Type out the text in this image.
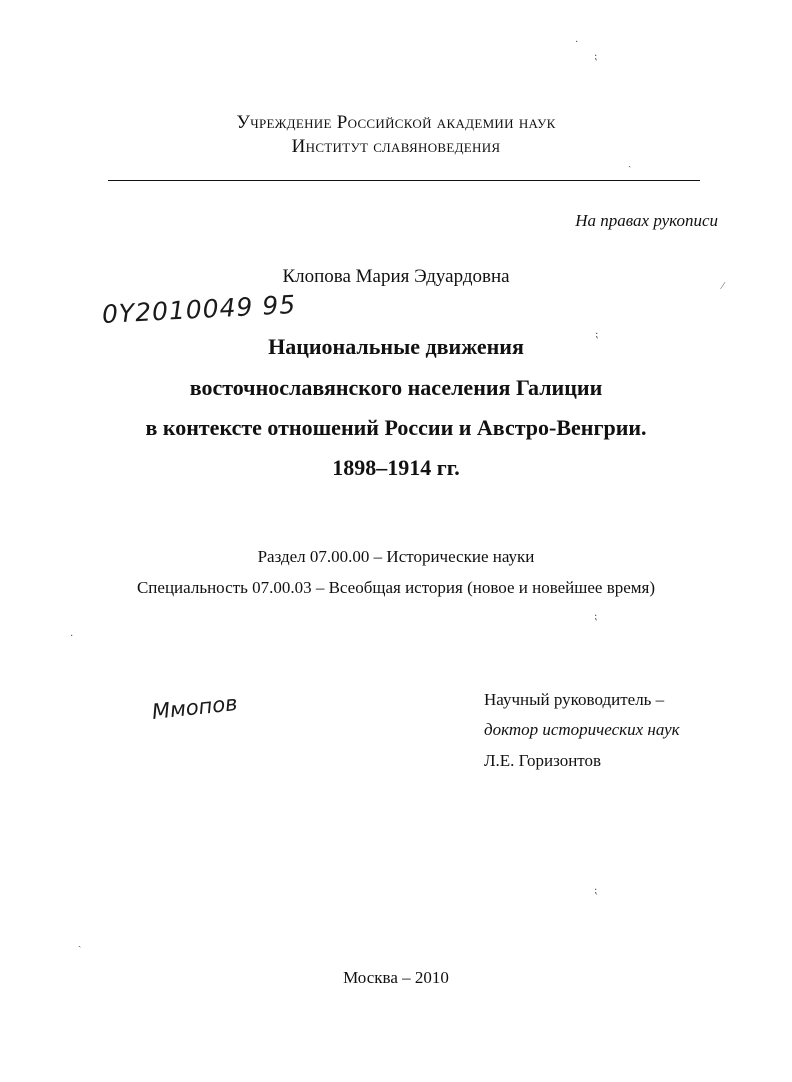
Учреждение Российской академии наук
Институт славяноведения
На правах рукописи
Клопова Мария Эдуардовна
0Y2010049 95
Национальные движения
восточнославянского населения Галиции
в контексте отношений России и Австро-Венгрии.
1898–1914 гг.
Раздел 07.00.00 – Исторические науки
Специальность 07.00.03 – Всеобщая история (новое и новейшее время)
Ммопов	Научный руководитель –
доктор исторических наук
Л.Е. Горизонтов
Москва – 2010
·
⁏
ˎ
⁄
⁏
⁏
·
⁏
ˏ
